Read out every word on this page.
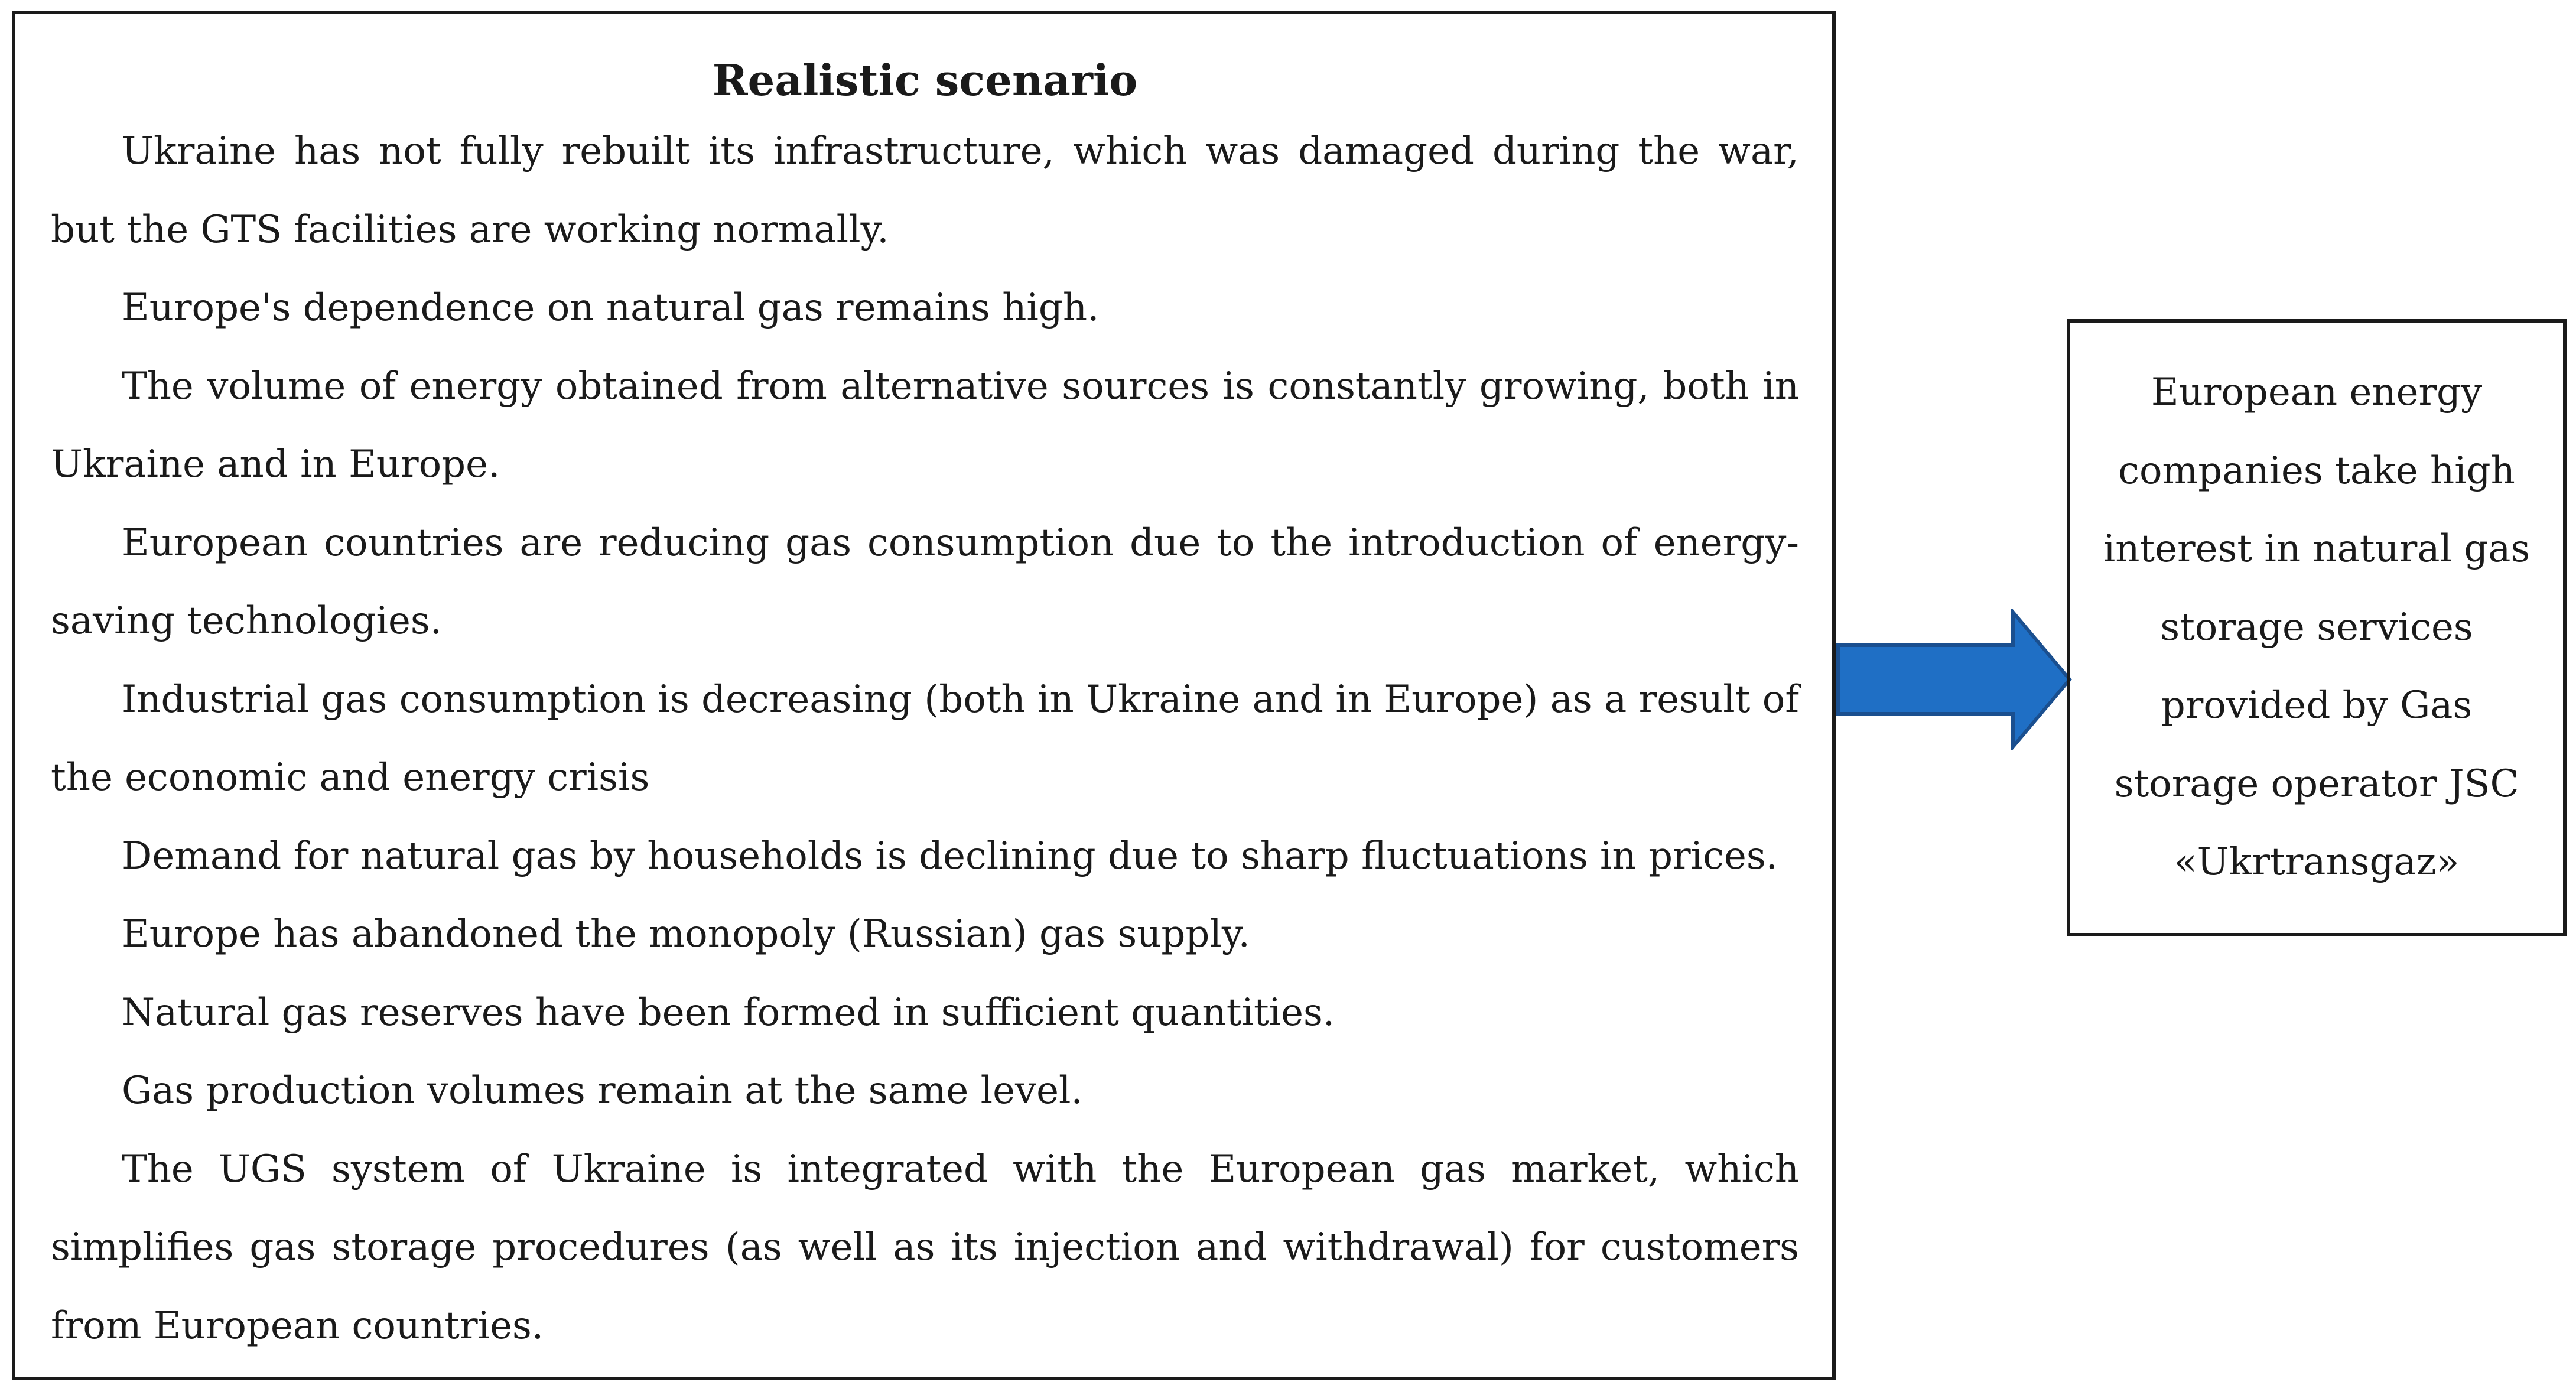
Realistic scenario

Ukraine has not fully rebuilt its infrastructure, which was damaged during the war, but the GTS facilities are working normally.

Europe's dependence on natural gas remains high.

The volume of energy obtained from alternative sources is constantly growing, both in Ukraine and in Europe.

European countries are reducing gas consumption due to the introduction of energy-saving technologies.

Industrial gas consumption is decreasing (both in Ukraine and in Europe) as a result of the economic and energy crisis

Demand for natural gas by households is declining due to sharp fluctuations in prices.

Europe has abandoned the monopoly (Russian) gas supply.

Natural gas reserves have been formed in sufficient quantities.

Gas production volumes remain at the same level.

The UGS system of Ukraine is integrated with the European gas market, which simplifies gas storage procedures (as well as its injection and withdrawal) for customers from European countries.

European energy companies take high interest in natural gas storage services provided by Gas storage operator JSC «Ukrtransgaz»
